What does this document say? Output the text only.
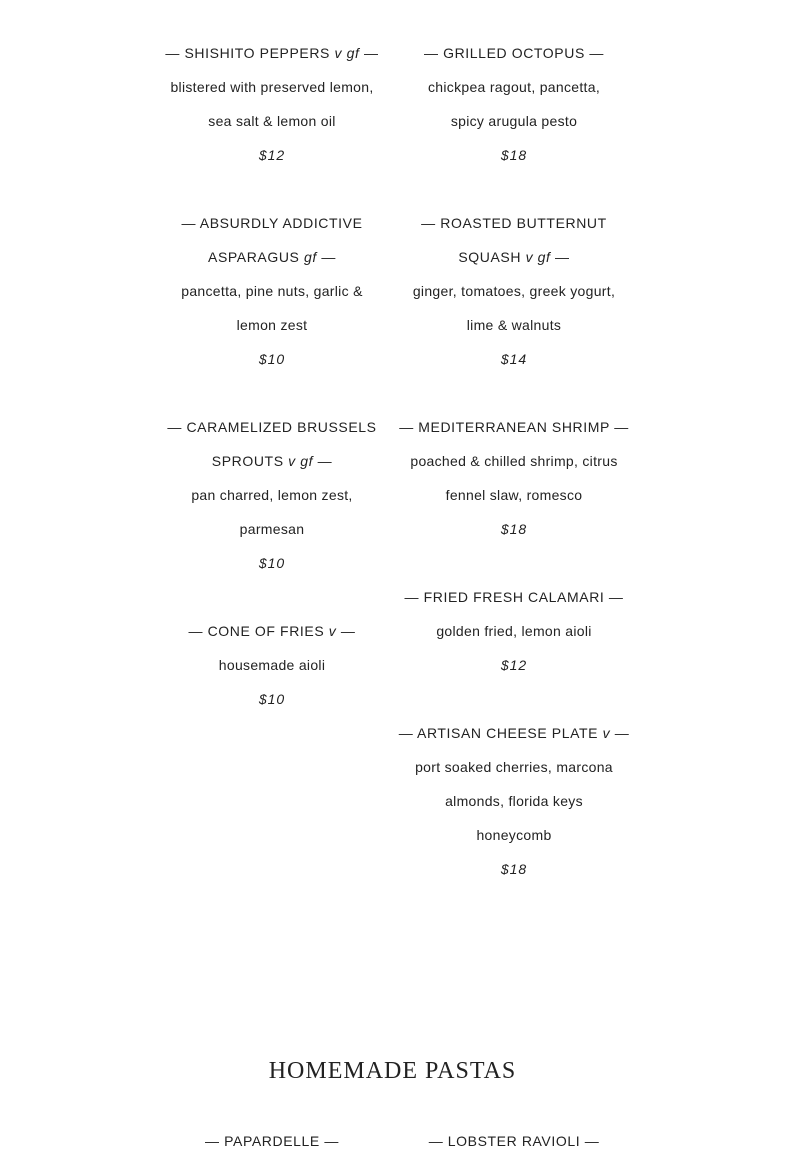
— SHISHITO PEPPERS v gf —
blistered with preserved lemon,
sea salt & lemon oil
$12
— ABSURDLY ADDICTIVE
ASPARAGUS gf —
pancetta, pine nuts, garlic &
lemon zest
$10
— CARAMELIZED BRUSSELS
SPROUTS v gf —
pan charred, lemon zest,
parmesan
$10
— CONE OF FRIES v —
housemade aioli
$10
— GRILLED OCTOPUS —
chickpea ragout, pancetta,
spicy arugula pesto
$18
— ROASTED BUTTERNUT
SQUASH v gf —
ginger, tomatoes, greek yogurt,
lime & walnuts
$14
— MEDITERRANEAN SHRIMP —
poached & chilled shrimp, citrus
fennel slaw, romesco
$18
— FRIED FRESH CALAMARI —
golden fried, lemon aioli
$12
— ARTISAN CHEESE PLATE v —
port soaked cherries, marcona
almonds, florida keys
honeycomb
$18
HOMEMADE PASTAS
— PAPARDELLE —	— LOBSTER RAVIOLI —
